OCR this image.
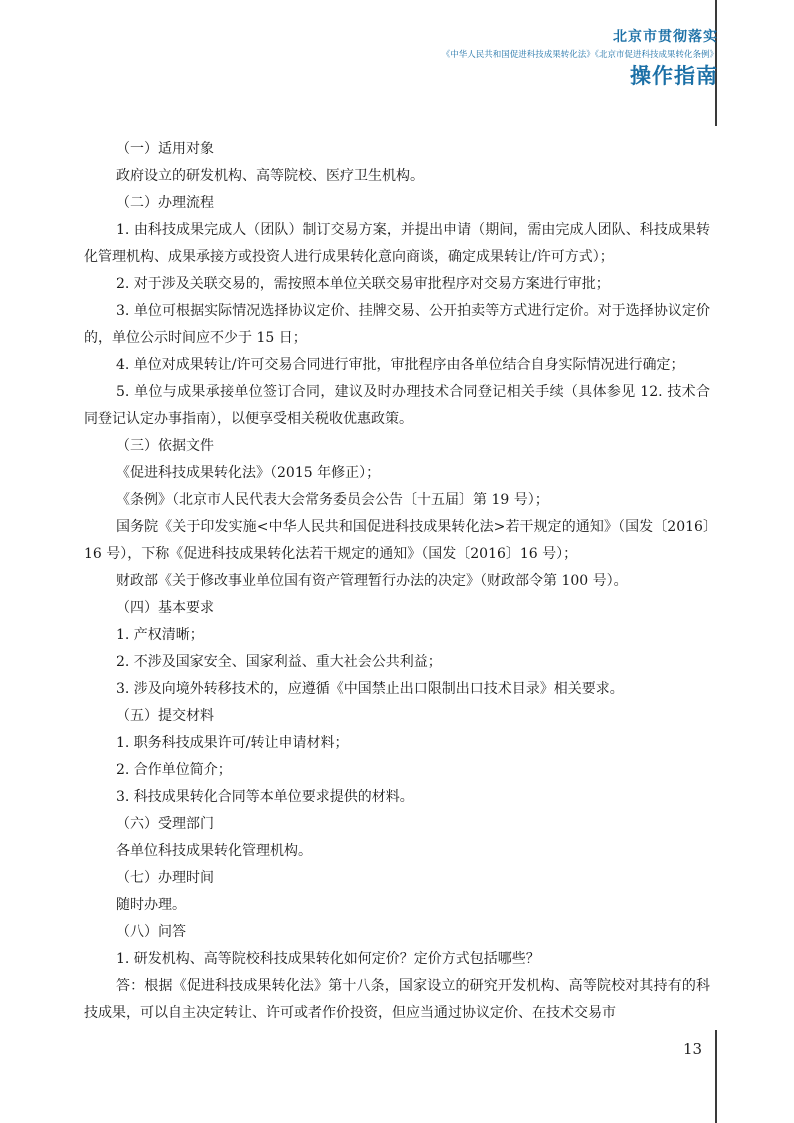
北京市贯彻落实
《中华人民共和国促进科技成果转化法》《北京市促进科技成果转化条例》
操作指南

（一）适用对象

政府设立的研发机构、高等院校、医疗卫生机构。

（二）办理流程

1. 由科技成果完成人（团队）制订交易方案，并提出申请（期间，需由完成人团队、科技成果转化管理机构、成果承接方或投资人进行成果转化意向商谈，确定成果转让/许可方式）；

2. 对于涉及关联交易的，需按照本单位关联交易审批程序对交易方案进行审批；

3. 单位可根据实际情况选择协议定价、挂牌交易、公开拍卖等方式进行定价。对于选择协议定价的，单位公示时间应不少于 15 日；

4. 单位对成果转让/许可交易合同进行审批，审批程序由各单位结合自身实际情况进行确定；

5. 单位与成果承接单位签订合同，建议及时办理技术合同登记相关手续（具体参见 12. 技术合同登记认定办事指南），以便享受相关税收优惠政策。

（三）依据文件

《促进科技成果转化法》（2015 年修正）；

《条例》（北京市人民代表大会常务委员会公告〔十五届〕第 19 号）；

国务院《关于印发实施<中华人民共和国促进科技成果转化法>若干规定的通知》（国发〔2016〕16 号），下称《促进科技成果转化法若干规定的通知》（国发〔2016〕16 号）；

财政部《关于修改事业单位国有资产管理暂行办法的决定》（财政部令第 100 号）。

（四）基本要求

1. 产权清晰；

2. 不涉及国家安全、国家利益、重大社会公共利益；

3. 涉及向境外转移技术的，应遵循《中国禁止出口限制出口技术目录》相关要求。

（五）提交材料

1. 职务科技成果许可/转让申请材料；

2. 合作单位简介；

3. 科技成果转化合同等本单位要求提供的材料。

（六）受理部门

各单位科技成果转化管理机构。

（七）办理时间

随时办理。

（八）问答

1. 研发机构、高等院校科技成果转化如何定价？定价方式包括哪些？

答：根据《促进科技成果转化法》第十八条，国家设立的研究开发机构、高等院校对其持有的科技成果，可以自主决定转让、许可或者作价投资，但应当通过协议定价、在技术交易市

13
